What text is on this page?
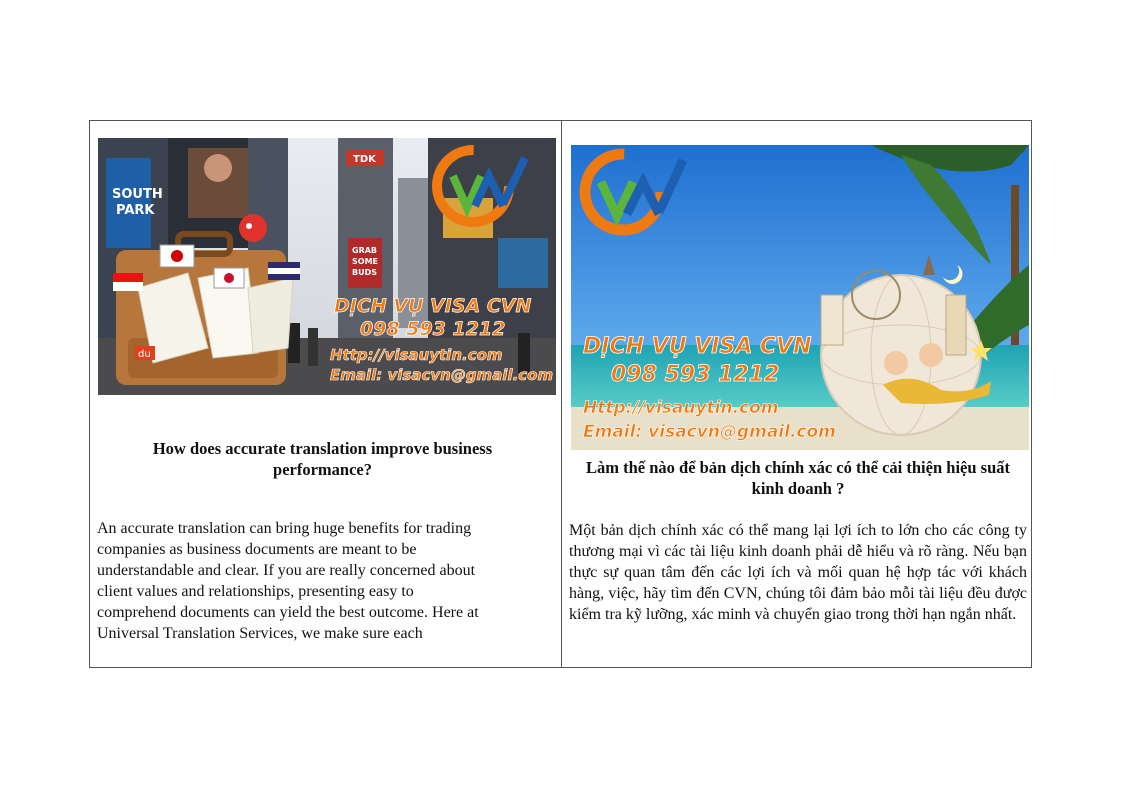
SOUTH
PARK
TDK
GRAB
SOME
BUDS
du
DỊCH VỤ VISA CVN
098 593 1212
Http://visauytin.com
Email: visacvn@gmail.com
How does accurate translation improve business performance?
An accurate translation can bring huge benefits for trading
companies as business documents are meant to be
understandable and clear. If you are really concerned about
client values and relationships, presenting easy to
comprehend documents can yield the best outcome. Here at
Universal Translation Services, we make sure each
DỊCH VỤ VISA CVN
098 593 1212
Http://visauytin.com
Email: visacvn@gmail.com
Làm thế nào để bản dịch chính xác có thể cải thiện hiệu suất kinh doanh ?
Một bản dịch chính xác có thể mang lại lợi ích to lớn cho các công ty thương mại vì các tài liệu kinh doanh phải dễ hiểu và rõ ràng. Nếu bạn thực sự quan tâm đến các lợi ích và mối quan hệ hợp tác với khách hàng, việc, hãy tìm đến CVN, chúng tôi đảm bảo mỗi tài liệu đều được kiểm tra kỹ lưỡng, xác minh và chuyển giao trong thời hạn ngắn nhất.
